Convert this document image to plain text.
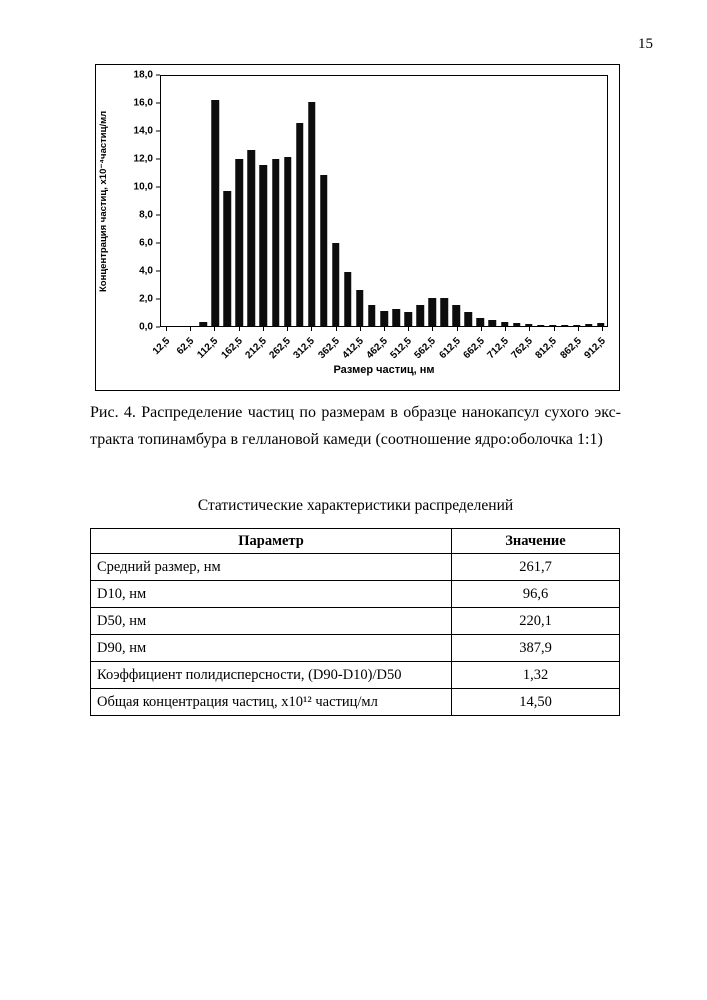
15
Концентрация частиц, х10⁻⁴частиц/мл
18,0
16,0
14,0
12,0
10,0
8,0
6,0
4,0
2,0
0,0
12,5 62,5 112,5
162,5
212,5
262,5
312,5
362,5
412,5
462,5
512,5
562,5
612,5
662,5
712,5
762,5
812,5
862,5
912,5
Размер частиц, нм
Рис. 4. Распределение частиц по размерам в образце нанокапсул сухого экс-
тракта топинамбура в геллановой камеди (соотношение ядро:оболочка 1:1)
Статистические характеристики распределений
Параметр	Значение
Средний размер, нм	261,7
D10, нм	96,6
D50, нм	220,1
D90, нм	387,9
Коэффициент полидисперсности, (D90-D10)/D50	1,32
Общая концентрация частиц, х10¹² частиц/мл	14,50
